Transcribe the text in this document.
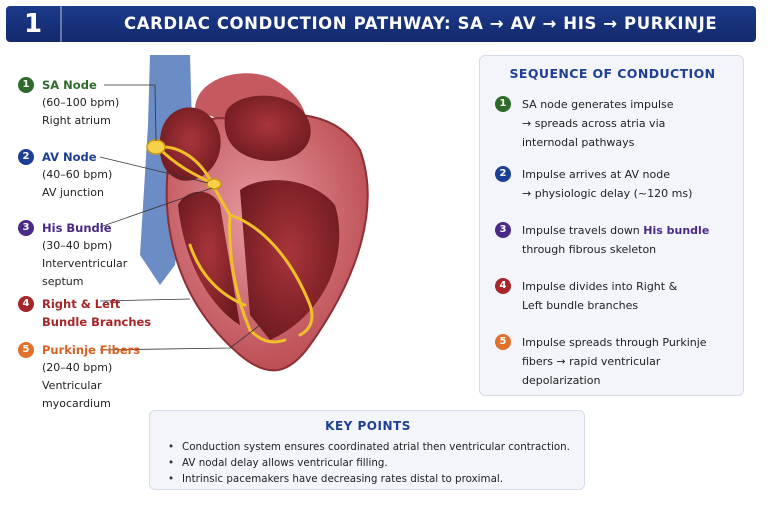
1	CARDIAC CONDUCTION PATHWAY: SA → AV → HIS → PURKINJE
1	SA Node
(60–100 bpm)
Right atrium
2	AV Node
(40–60 bpm)
AV junction
3	His Bundle
(30–40 bpm)
Interventricular
septum
4	Right & Left
Bundle Branches
5	Purkinje Fibers
(20–40 bpm)
Ventricular
myocardium
SEQUENCE OF CONDUCTION
1	SA node generates impulse
→ spreads across atria via
internodal pathways
2	Impulse arrives at AV node
→ physiologic delay (~120 ms)
3	Impulse travels down His bundle
through fibrous skeleton
4	Impulse divides into Right &
Left bundle branches
5	Impulse spreads through Purkinje
fibers → rapid ventricular
depolarization
KEY POINTS
• Conduction system ensures coordinated atrial then ventricular contraction.
• AV nodal delay allows ventricular filling.
• Intrinsic pacemakers have decreasing rates distal to proximal.
